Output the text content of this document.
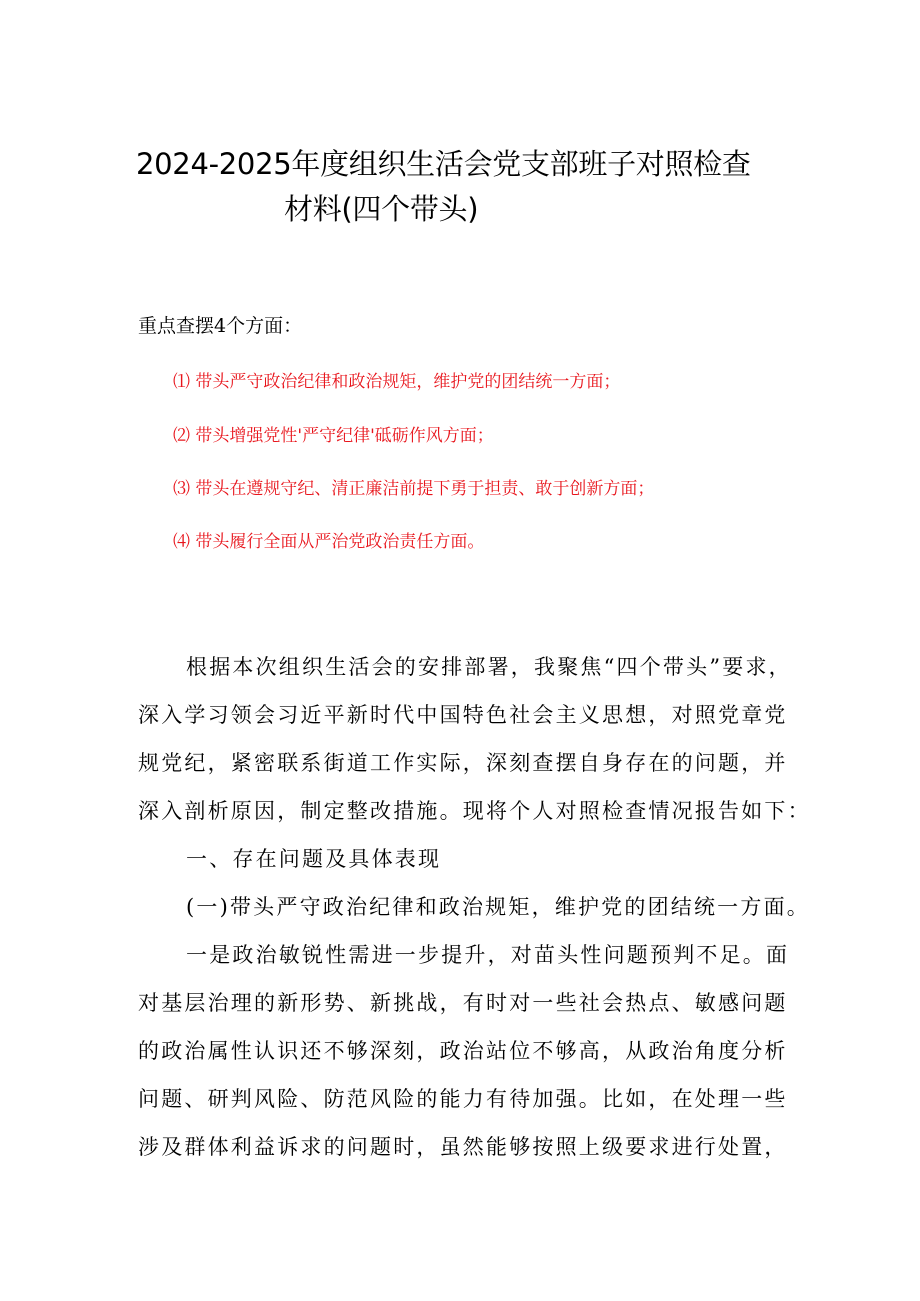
2024-2025年度组织生活会党支部班子对照检查
材料(四个带头)
重点查摆4个方面：
⑴ 带头严守政治纪律和政治规矩，维护党的团结统一方面；
⑵ 带头增强党性'严守纪律'砥砺作风方面；
⑶ 带头在遵规守纪、清正廉洁前提下勇于担责、敢于创新方面；
⑷ 带头履行全面从严治党政治责任方面。
根据本次组织生活会的安排部署，我聚焦“四个带头”要求，
深入学习领会习近平新时代中国特色社会主义思想，对照党章党
规党纪，紧密联系街道工作实际，深刻查摆自身存在的问题，并
深入剖析原因，制定整改措施。现将个人对照检查情况报告如下：
一、存在问题及具体表现
(一)带头严守政治纪律和政治规矩，维护党的团结统一方面。
一是政治敏锐性需进一步提升，对苗头性问题预判不足。面
对基层治理的新形势、新挑战，有时对一些社会热点、敏感问题
的政治属性认识还不够深刻，政治站位不够高，从政治角度分析
问题、研判风险、防范风险的能力有待加强。比如，在处理一些
涉及群体利益诉求的问题时，虽然能够按照上级要求进行处置，
